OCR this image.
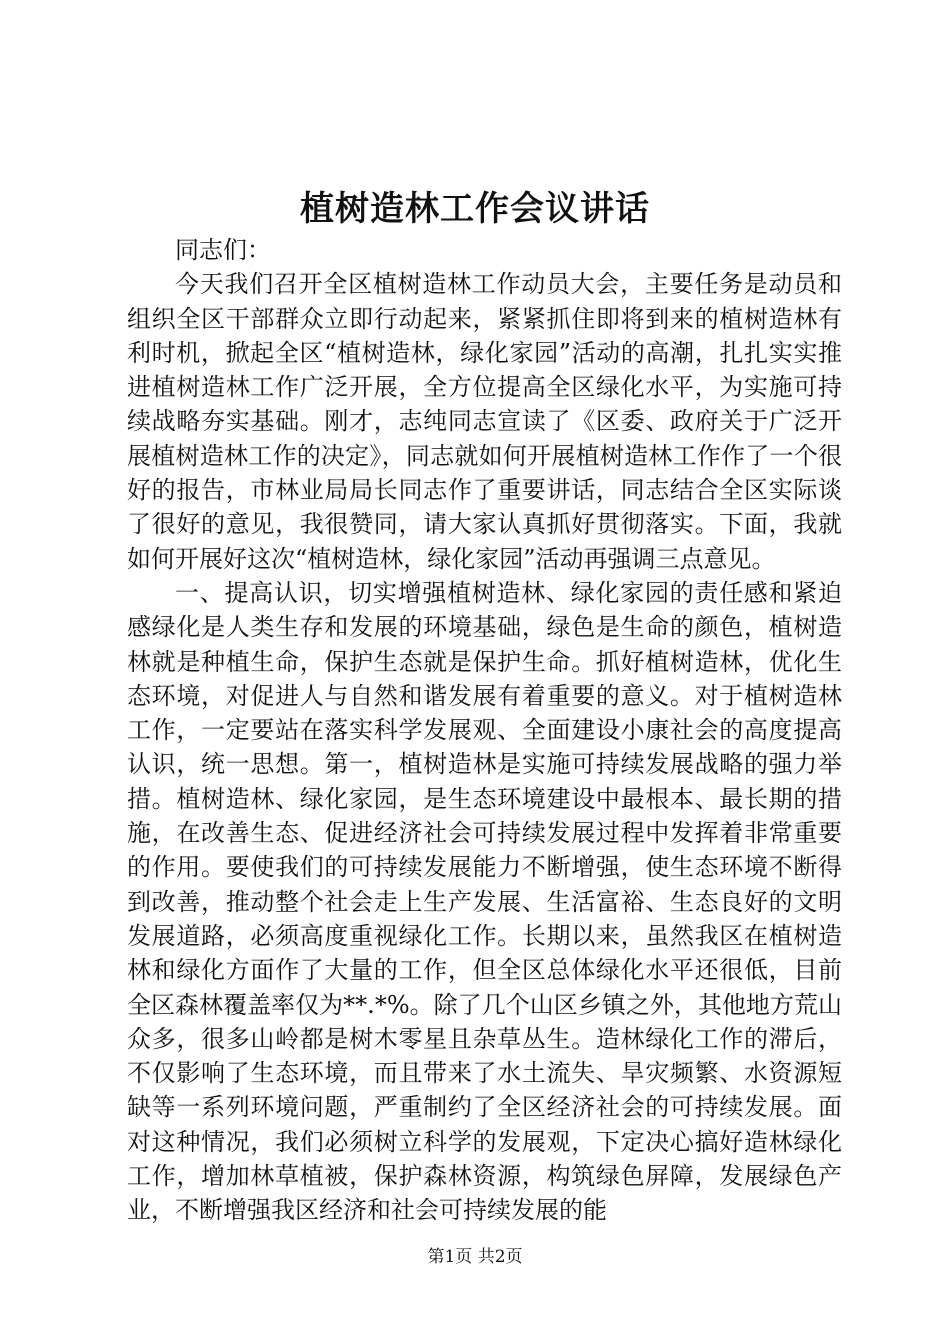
植树造林工作会议讲话

同志们：

今天我们召开全区植树造林工作动员大会，主要任务是动员和组织全区干部群众立即行动起来，紧紧抓住即将到来的植树造林有利时机，掀起全区“植树造林，绿化家园”活动的高潮，扎扎实实推进植树造林工作广泛开展，全方位提高全区绿化水平，为实施可持续战略夯实基础。刚才，志纯同志宣读了《区委、政府关于广泛开展植树造林工作的决定》，同志就如何开展植树造林工作作了一个很好的报告，市林业局局长同志作了重要讲话，同志结合全区实际谈了很好的意见，我很赞同，请大家认真抓好贯彻落实。下面，我就如何开展好这次“植树造林，绿化家园”活动再强调三点意见。

一、提高认识，切实增强植树造林、绿化家园的责任感和紧迫感绿化是人类生存和发展的环境基础，绿色是生命的颜色，植树造林就是种植生命，保护生态就是保护生命。抓好植树造林，优化生态环境，对促进人与自然和谐发展有着重要的意义。对于植树造林工作，一定要站在落实科学发展观、全面建设小康社会的高度提高认识，统一思想。第一，植树造林是实施可持续发展战略的强力举措。植树造林、绿化家园，是生态环境建设中最根本、最长期的措施，在改善生态、促进经济社会可持续发展过程中发挥着非常重要的作用。要使我们的可持续发展能力不断增强，使生态环境不断得到改善，推动整个社会走上生产发展、生活富裕、生态良好的文明发展道路，必须高度重视绿化工作。长期以来，虽然我区在植树造林和绿化方面作了大量的工作，但全区总体绿化水平还很低，目前全区森林覆盖率仅为**.*%。除了几个山区乡镇之外，其他地方荒山众多，很多山岭都是树木零星且杂草丛生。造林绿化工作的滞后，不仅影响了生态环境，而且带来了水土流失、旱灾频繁、水资源短缺等一系列环境问题，严重制约了全区经济社会的可持续发展。面对这种情况，我们必须树立科学的发展观，下定决心搞好造林绿化工作，增加林草植被，保护森林资源，构筑绿色屏障，发展绿色产业，不断增强我区经济和社会可持续发展的能

第1页 共2页
